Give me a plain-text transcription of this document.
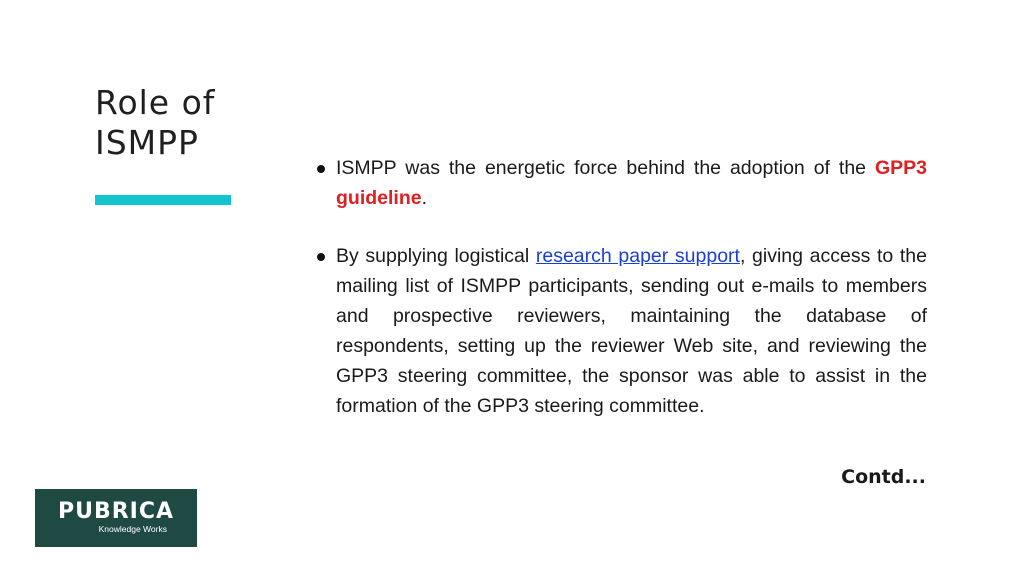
Role of
ISMPP

ISMPP was the energetic force behind the adoption of the GPP3 guideline.

By supplying logistical research paper support, giving access to the mailing list of ISMPP participants, sending out e-mails to members and prospective reviewers, maintaining the database of respondents, setting up the reviewer Web site, and reviewing the GPP3 steering committee, the sponsor was able to assist in the formation of the GPP3 steering committee.

Contd...
PUBRICA
Knowledge Works
